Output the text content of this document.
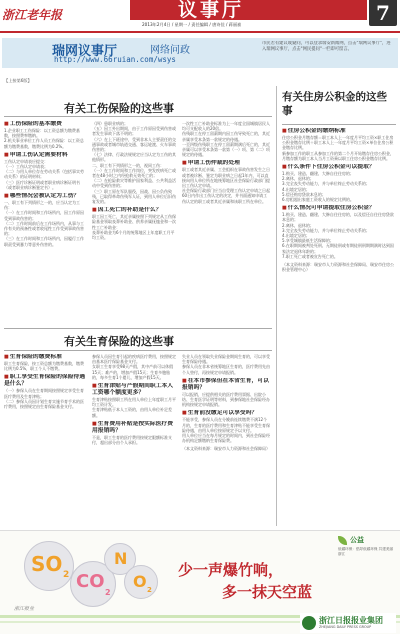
浙江老年报	议事厅	7
2013年2月4日 / 星期一 / 责任编辑 / 唐诗佳 / 蒋丽祯
瑞网议事厅	网络问政
http://www.66ruian.com/wsys
市民若有建议或疑问，可以登录瑞安新闻网，点击"瑞网议事厅"，进入瑞网议事厅，点击"网民提问"一栏即可留言。
【上接第6版】
有关工伤保险的这些事
■ 工伤保险的基本缴费
1.企业职工工伤保险：以工资总额为缴费基数，按照费率缴纳。
2.机关事业单位工作人员工伤保险：以工资总额为缴费基数，缴费比例为0.2%。
■ 申请工伤认定需要材料
工伤认定申请表应提交：
（一）工伤认定申请表；
（二）与用人单位存在劳动关系（包括事实劳动关系）的证明材料；
（三）医疗诊断证明或者职业病诊断证明书（或者职业病诊断鉴定书）。
■ 哪些情况会被认定为工伤？
一、职工有下列情形之一的，应当认定为工伤：
（一）在工作时间和工作场所内，因工作原因受到事故伤害的；
（二）工作时间前后在工作场所内，从事与工作有关的预备性或者收尾性工作受到事故伤害的；
（三）在工作时间和工作场所内，因履行工作职责受到暴力等意外伤害的。
（四）患职业病的；
（五）因工外出期间，由于工作原因受到伤害或者发生事故下落不明的；
（六）在上下班途中，受到非本人主要责任的交通事故或者城市轨道交通、客运轮渡、火车事故伤害的；
（七）法律、行政法规规定应当认定为工伤的其他情形。
二、职工有下列情形之一的，视同工伤：
（一）在工作时间和工作岗位，突发疾病死亡或者在48小时之内经抢救无效死亡的；
（二）在抢险救灾等维护国家利益、公共利益活动中受到伤害的；
（三）职工原在军队服役，因战、因公负伤致残，已取得革命伤残军人证，到用人单位后旧伤复发的。
■ 因工死亡的补助是什么？
职工因工死亡，其近亲属按照下列规定从工伤保险基金领取丧葬补助金、供养亲属抚恤金和一次性工亡补助金：
丧葬补助金为6个月的统筹地区上年度职工月平均工资。
一次性工亡补助金标准为上一年度全国城镇居民人均可支配收入的20倍。
伤残职工在停工留薪期内因工伤导致死亡的，其近亲属享受本条第一款规定的待遇。
一至四级伤残职工在停工留薪期满后死亡的，其近亲属可以享受本条第一款第（一）项、第（二）项规定的待遇。
■ 申请工伤仲裁的处理
职工或者其近亲属、工会组织在事故伤害发生之日或者被诊断、鉴定为职业病之日起1年内，可以直接向用人单位所在地统筹地区社会保险行政部门提出工伤认定申请。
社会保险行政部门应当自受理工伤认定申请之日起60日内作出工伤认定的决定，并书面通知申请工伤认定的职工或者其近亲属和该职工所在单位。
有关住房公积金的这些事
■ 住房公积金的缴纳标准
住房公积金月缴存额＝职工本人上一年度月平均工资×职工住房公积金缴存比例＋职工本人上一年度月平均工资×单位住房公积金缴存比例。
新参加工作的职工从参加工作的第二个月开始缴存住房公积金，月缴存额为职工本人当月工资乘以职工住房公积金缴存比例。
■ 什么条件下住房公积金可以提取？
1.购买、建造、翻建、大修自住住房的；
2.离休、退休的；
3.完全丧失劳动能力，并与单位终止劳动关系的；
4.出境定居的；
5.偿还购房贷款本息的；
6.房租超出家庭工资收入的规定比例的。
■ 什么情况可申请提取住房公积金？
1.购买、建造、翻建、大修自住住房的，以及偿还自住住房贷款本息的；
2.离休、退休的；
3.完全丧失劳动能力，并与单位终止劳动关系的；
4.出境定居的；
5.享受城镇最低生活保障的；
6.在职期间被判处死刑、无期徒刑或有期徒刑刑期期满时达到国家法定退休年龄的；
7.职工死亡或者被宣告死亡的。
（本文资料来源：瑞安市人力资源和社会保障局、瑞安市住房公积金管理中心）
有关生育保险的这些事
■ 生育保险的缴费标准
职工生育保险，按工资总额为缴费基数，缴费比例为0.5%，职工个人不缴费。
■ 职工享受生育保险的保险待遇是什么？
（一）参保人员在生育期间按照规定享受生育医疗费用及生育津贴；
（二）参保人员因计划生育实施节育手术的医疗费用，按照规定由生育保险基金支付。
参保人员因生育引起的疾病医疗费用，按照规定由基本医疗保险基金支付。
女职工生育享受98天产假，其中产前可以休假15天；难产的，增加产假15天；生育多胞胎的，每多生育1个婴儿，增加产假15天。
■ 生育津贴与产假期间职工本人工资哪个额度更多？
生育津贴按照职工所在用人单位上年度职工月平均工资计发。
生育津贴低于本人工资的，由用人单位补足差额。
■ 生育费用补贴是按实际医疗费用报销吗？
不是，职工生育的医疗费用按规定限额标准支付，超出部分由个人承担。
失业人员在领取失业保险金期间生育的，可以享受生育保险待遇。
参保人员在非本省统筹地区生育的，医疗费用先由个人垫付，再按规定申请报销。
■ 在本市参保但在本省生育，可以报销吗？
可以报销，应提供相关的医疗费用票据、出院小结、生育医学证明等材料，到参保地社会保险经办机构按规定申请报销。
■ 生育前没缴足可以享受吗？
不能享受，参保人员在分娩前连续缴费不满12个月的，生育的医疗费用和生育津贴不能享受生育保险待遇，由用人单位按原规定予以支付。
用人单位应当在每月规定的时间内，到社会保险经办机构足额缴纳生育保险费。
（本文资料来源：瑞安市人力资源和社会保障局）
SO 2 CO
2
N
O 2
浙江报业
公益
低碳环保：倡导低碳环保 共建美丽浙江
少一声爆竹响，
多一抹天空蓝
浙江日报报业集团
ZHEJIANG DAILY PRESS GROUP
